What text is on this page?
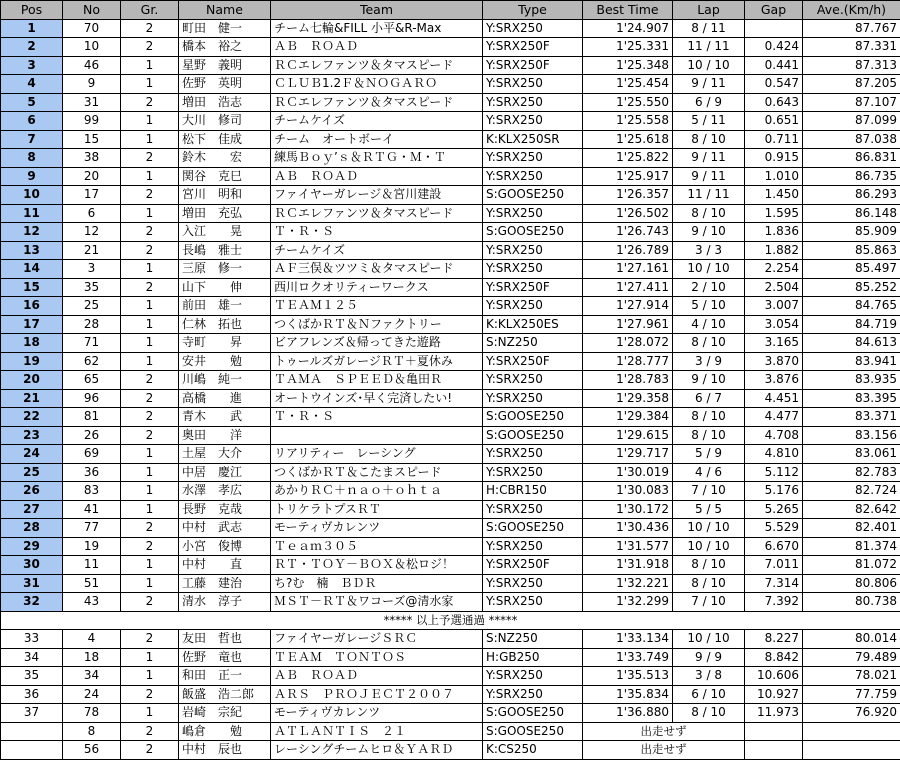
Pos	No	Gr.	Name	Team	Type	Best Time	Lap	Gap	Ave.(Km/h)
1	70	2	町田　健一	チーム七輪&FILL 小平&R-Max	Y:SRX250	1'24.907	8 / 11		87.767
2	10	2	橋本　裕之	ＡＢ　ＲＯＡＤ	Y:SRX250F	1'25.331	11 / 11	0.424	87.331
3	46	1	星野　義明	ＲＣエレファンツ＆タマスピード	Y:SRX250F	1'25.348	10 / 10	0.441	87.313
4	9	1	佐野　英明	ＣＬＵＢ1.2Ｆ＆ＮＯＧＡＲＯ	Y:SRX250	1'25.454	9 / 11	0.547	87.205
5	31	2	増田　浩志	ＲＣエレファンツ＆タマスピード	Y:SRX250	1'25.550	6 / 9	0.643	87.107
6	99	1	大川　修司	チームケイズ	Y:SRX250	1'25.558	5 / 11	0.651	87.099
7	15	1	松下　佳成	チーム　オートボーイ	K:KLX250SR	1'25.618	8 / 10	0.711	87.038
8	38	2	鈴木　　宏	練馬Ｂｏｙ’ｓ＆ＲＴＧ・Ｍ・Ｔ	Y:SRX250	1'25.822	9 / 11	0.915	86.831
9	20	1	関谷　克巳	ＡＢ　ＲＯＡＤ	Y:SRX250	1'25.917	9 / 11	1.010	86.735
10	17	2	宮川　明和	ファイヤーガレージ＆宮川建設	S:GOOSE250	1'26.357	11 / 11	1.450	86.293
11	6	1	増田　充弘	ＲＣエレファンツ＆タマスピード	Y:SRX250	1'26.502	8 / 10	1.595	86.148
12	12	2	入江　　晃	Ｔ・Ｒ・Ｓ	S:GOOSE250	1'26.743	9 / 10	1.836	85.909
13	21	2	長嶋　雅士	チームケイズ	Y:SRX250	1'26.789	3 / 3	1.882	85.863
14	3	1	三原　修一	ＡＦ三俣＆ツツミ＆タマスピード	Y:SRX250	1'27.161	10 / 10	2.254	85.497
15	35	2	山下　　伸	西川ロクオリティーワークス	Y:SRX250F	1'27.411	2 / 10	2.504	85.252
16	25	1	前田　雄一	ＴＥＡＭ１２５	Y:SRX250	1'27.914	5 / 10	3.007	84.765
17	28	1	仁林　拓也	つくばかＲＴ＆Ｎファクトリー	K:KLX250ES	1'27.961	4 / 10	3.054	84.719
18	71	1	寺町　　昇	ビアフレンズ＆帰ってきた遊路	S:NZ250	1'28.072	8 / 10	3.165	84.613
19	62	1	安井　　勉	トゥールズガレージＲＴ＋夏休み	Y:SRX250F	1'28.777	3 / 9	3.870	83.941
20	65	2	川嶋　純一	ＴＡＭＡ　ＳＰＥＥＤ＆亀田Ｒ	Y:SRX250	1'28.783	9 / 10	3.876	83.935
21	96	2	高橋　　進	オートウインズ･早く完済したい!	Y:SRX250	1'29.358	6 / 7	4.451	83.395
22	81	2	青木　　武	Ｔ・Ｒ・Ｓ	S:GOOSE250	1'29.384	8 / 10	4.477	83.371
23	26	2	奥田　　洋		S:GOOSE250	1'29.615	8 / 10	4.708	83.156
24	69	1	土屋　大介	リアリティー　レーシング	Y:SRX250	1'29.717	5 / 9	4.810	83.061
25	36	1	中居　慶江	つくばかＲＴ＆こたまスピード	Y:SRX250	1'30.019	4 / 6	5.112	82.783
26	83	1	水澤　孝広	あかりＲＣ＋ｎａｏ＋ｏｈｔａ	H:CBR150	1'30.083	7 / 10	5.176	82.724
27	41	1	長野　克哉	トリケラトプスＲＴ	Y:SRX250	1'30.172	5 / 5	5.265	82.642
28	77	2	中村　武志	モーティヴカレンツ	S:GOOSE250	1'30.436	10 / 10	5.529	82.401
29	19	2	小宮　俊博	Ｔｅａｍ３０５	Y:SRX250	1'31.577	10 / 10	6.670	81.374
30	11	1	中村　　直	ＲＴ・ＴＯＹ－ＢＯＸ＆松ロジ！	Y:SRX250F	1'31.918	8 / 10	7.011	81.072
31	51	1	工藤　建治	ち?む　楠　ＢＤＲ	Y:SRX250	1'32.221	8 / 10	7.314	80.806
32	43	2	清水　淳子	ＭＳＴ－ＲＴ＆ワコーズ@清水家	Y:SRX250	1'32.299	7 / 10	7.392	80.738
***** 以上予選通過 *****									
33	4	2	友田　哲也	ファイヤーガレージＳＲＣ	S:NZ250	1'33.134	10 / 10	8.227	80.014
34	18	1	佐野　竜也	ＴＥＡＭ　ＴＯＮＴＯＳ	H:GB250	1'33.749	9 / 9	8.842	79.489
35	34	1	和田　正一	ＡＢ　ＲＯＡＤ	Y:SRX250	1'35.513	3 / 8	10.606	78.021
36	24	2	飯盛　浩二郎	ＡＲＳ　ＰＲＯＪＥＣＴ２００７	Y:SRX250	1'35.834	6 / 10	10.927	77.759
37	78	1	岩崎　宗紀	モーティヴカレンツ	S:GOOSE250	1'36.880	8 / 10	11.973	76.920
	8	2	嶋倉　　勉	ＡＴＬＡＮＴＩＳ　２１	S:GOOSE250	出走せず			
	56	2	中村　辰也	レーシングチームヒロ＆ＹＡＲＤ	K:CS250	出走せず			
